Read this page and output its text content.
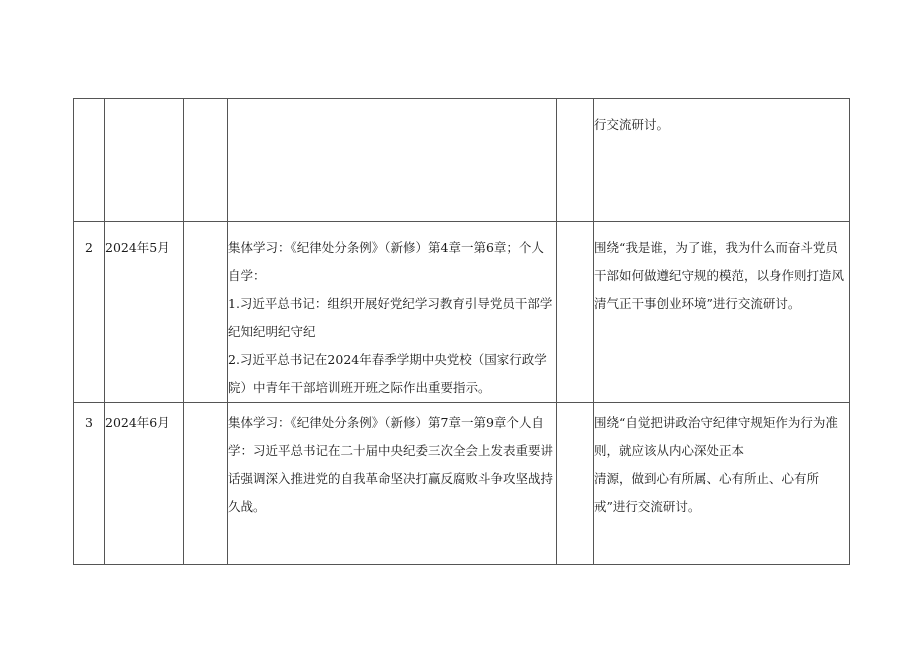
					行交流研讨。

2	2024年5月		集体学习：《纪律处分条例》（新修）第4章一第6章；个人自学：

1.习近平总书记：组织开展好党纪学习教育引导党员干部学纪知纪明纪守纪

2.习近平总书记在2024年春季学期中央党校（国家行政学院）中青年干部培训班开班之际作出重要指示。		围绕“我是谁，为了谁，我为什么而奋斗党员干部如何做遵纪守规的模范，以身作则打造风清气正干事创业环境”进行交流研讨。

3	2024年6月		集体学习：《纪律处分条例》（新修）第7章一第9章个人自学：习近平总书记在二十届中央纪委三次全会上发表重要讲话强调深入推进党的自我革命坚决打赢反腐败斗争攻坚战持久战。		围绕“自觉把讲政治守纪律守规矩作为行为准则，就应该从内心深处正本

清源，做到心有所属、心有所止、心有所戒”进行交流研讨。
